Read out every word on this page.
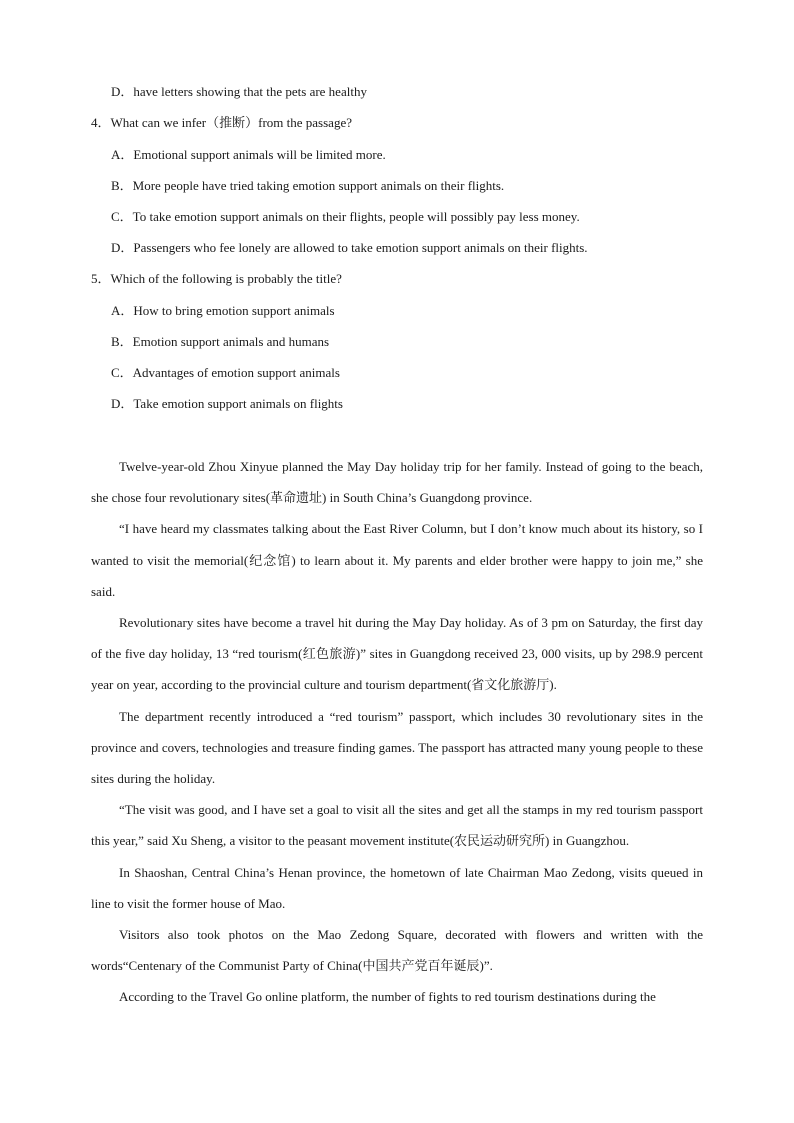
D．have letters showing that the pets are healthy
4．What can we infer（推断）from the passage?
A．Emotional support animals will be limited more.
B．More people have tried taking emotion support animals on their flights.
C．To take emotion support animals on their flights, people will possibly pay less money.
D．Passengers who fee lonely are allowed to take emotion support animals on their flights.
5．Which of the following is probably the title?
A．How to bring emotion support animals
B．Emotion support animals and humans
C．Advantages of emotion support animals
D．Take emotion support animals on flights

Twelve-year-old Zhou Xinyue planned the May Day holiday trip for her family. Instead of going to the beach, she chose four revolutionary sites(革命遗址) in South China’s Guangdong province.

“I have heard my classmates talking about the East River Column, but I don’t know much about its history, so I wanted to visit the memorial(纪念馆) to learn about it. My parents and elder brother were happy to join me,” she said.

Revolutionary sites have become a travel hit during the May Day holiday. As of 3 pm on Saturday, the first day of the five day holiday, 13 “red tourism(红色旅游)” sites in Guangdong received 23, 000 visits, up by 298.9 percent year on year, according to the provincial culture and tourism department(省文化旅游厅).

The department recently introduced a “red tourism” passport, which includes 30 revolutionary sites in the province and covers, technologies and treasure finding games. The passport has attracted many young people to these sites during the holiday.

“The visit was good, and I have set a goal to visit all the sites and get all the stamps in my red tourism passport this year,” said Xu Sheng, a visitor to the peasant movement institute(农民运动研究所) in Guangzhou.

In Shaoshan, Central China’s Henan province, the hometown of late Chairman Mao Zedong, visits queued in line to visit the former house of Mao.

Visitors also took photos on the Mao Zedong Square, decorated with flowers and written with the words“Centenary of the Communist Party of China(中国共产党百年诞辰)”.

According to the Travel Go online platform, the number of fights to red tourism destinations during the
